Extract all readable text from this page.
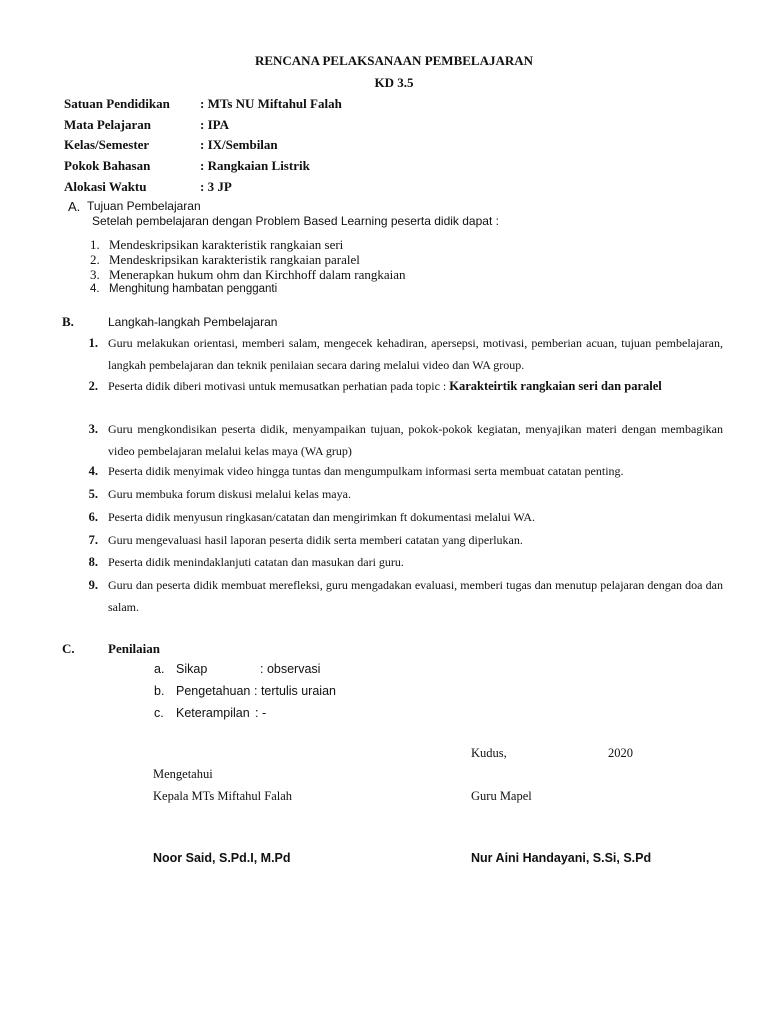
RENCANA PELAKSANAAN PEMBELAJARAN
KD 3.5
Satuan Pendidikan : MTs NU Miftahul Falah
Mata Pelajaran	: IPA
Kelas/Semester	: IX/Sembilan
Pokok Bahasan	: Rangkaian Listrik
Alokasi Waktu	: 3 JP
A. Tujuan Pembelajaran
Setelah pembelajaran dengan Problem Based Learning peserta didik dapat :
1. Mendeskripsikan karakteristik rangkaian seri
2. Mendeskripsikan karakteristik rangkaian paralel
3. Menerapkan hukum ohm dan Kirchhoff dalam rangkaian
4. Menghitung hambatan pengganti
B.	Langkah-langkah Pembelajaran
1. Guru melakukan orientasi, memberi salam, mengecek kehadiran, apersepsi, motivasi, pemberian acuan, tujuan pembelajaran, langkah pembelajaran dan teknik penilaian secara daring melalui video dan WA group.
2. Peserta didik diberi motivasi untuk memusatkan perhatian pada topic : Karakteirtik rangkaian seri dan paralel
3. Guru mengkondisikan peserta didik, menyampaikan tujuan, pokok-pokok kegiatan, menyajikan materi dengan membagikan video pembelajaran melalui kelas maya (WA grup)
4. Peserta didik menyimak video hingga tuntas dan mengumpulkam informasi serta membuat catatan penting.
5. Guru membuka forum diskusi melalui kelas maya.
6. Peserta didik menyusun ringkasan/catatan dan mengirimkan ft dokumentasi melalui WA.
7. Guru mengevaluasi hasil laporan peserta didik serta memberi catatan yang diperlukan.
8. Peserta didik menindaklanjuti catatan dan masukan dari guru.
9. Guru dan peserta didik membuat merefleksi, guru mengadakan evaluasi, memberi tugas dan menutup pelajaran dengan doa dan salam.
C.	Penilaian
a. Sikap	: observasi
b. Pengetahuan : tertulis uraian
c. Keterampilan : -
Kudus,	2020
Mengetahui
Kepala MTs Miftahul Falah	Guru Mapel
Noor Said, S.Pd.I, M.Pd	Nur Aini Handayani, S.Si, S.Pd
